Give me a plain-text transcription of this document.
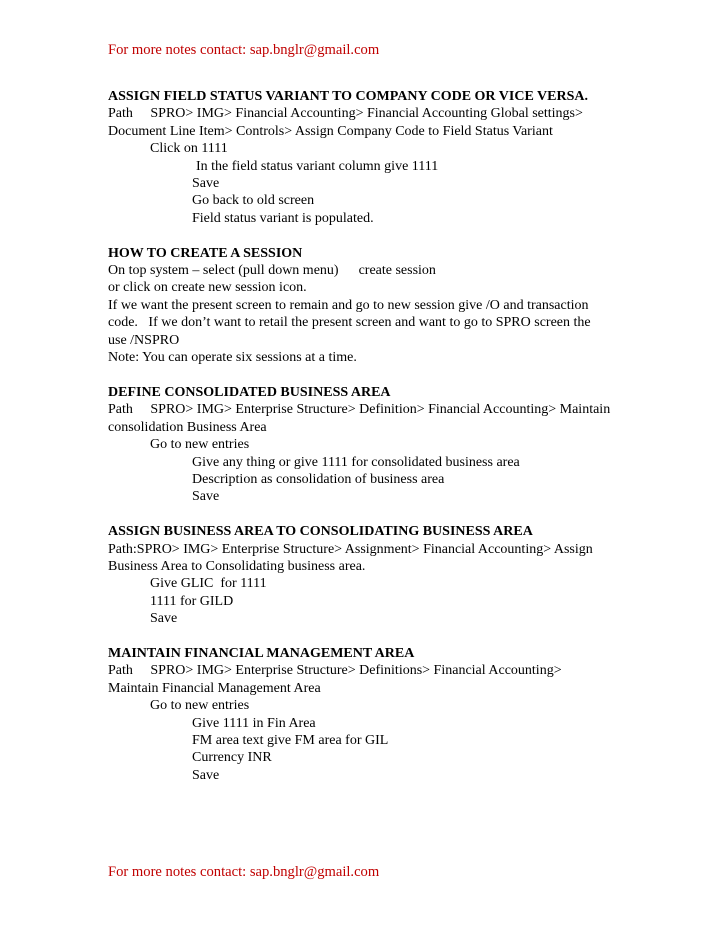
For more notes contact: sap.bnglr@gmail.com
ASSIGN FIELD STATUS VARIANT TO COMPANY CODE OR VICE VERSA.
Path     SPRO> IMG> Financial Accounting> Financial Accounting Global settings>
Document Line Item> Controls> Assign Company Code to Field Status Variant
Click on 1111
In the field status variant column give 1111
Save
Go back to old screen
Field status variant is populated.
HOW TO CREATE A SESSION
On top system – select (pull down menu) create session
or click on create new session icon.
If we want the present screen to remain and go to new session give /O and transaction
code.   If we don’t want to retail the present screen and want to go to SPRO screen the
use /NSPRO
Note: You can operate six sessions at a time.
DEFINE CONSOLIDATED BUSINESS AREA
Path     SPRO> IMG> Enterprise Structure> Definition> Financial Accounting> Maintain
consolidation Business Area
Go to new entries
Give any thing or give 1111 for consolidated business area
Description as consolidation of business area
Save
ASSIGN BUSINESS AREA TO CONSOLIDATING BUSINESS AREA
Path:SPRO> IMG> Enterprise Structure> Assignment> Financial Accounting> Assign
Business Area to Consolidating business area.
Give GLIC  for 1111
1111 for GILD
Save
MAINTAIN FINANCIAL MANAGEMENT AREA
Path     SPRO> IMG> Enterprise Structure> Definitions> Financial Accounting>
Maintain Financial Management Area
Go to new entries
Give 1111 in Fin Area
FM area text give FM area for GIL
Currency INR
Save
For more notes contact: sap.bnglr@gmail.com
